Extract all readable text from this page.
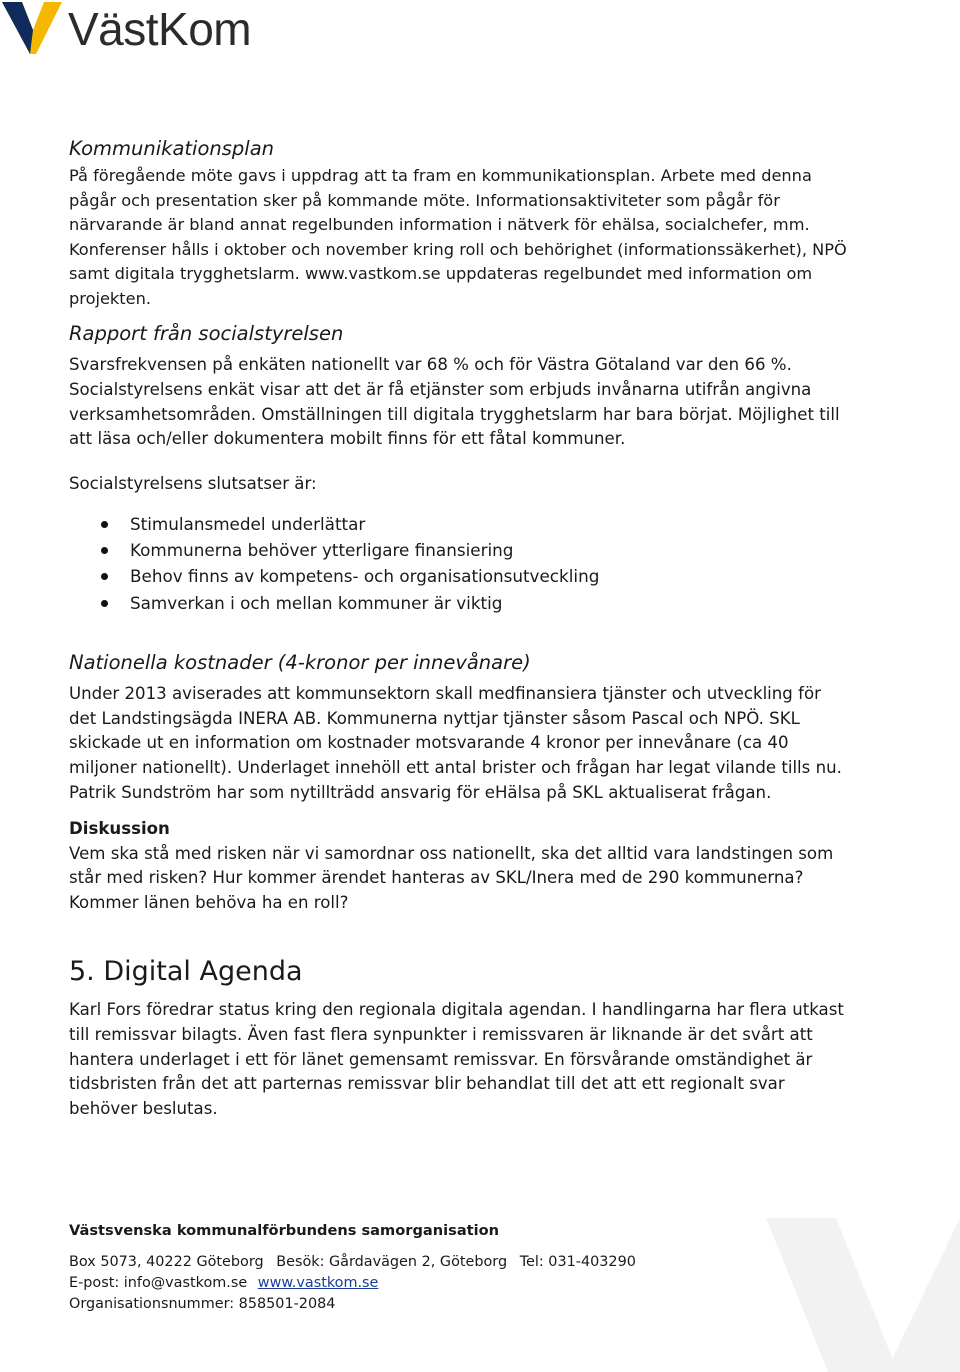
VästKom
Kommunikationsplan

På föregående möte gavs i uppdrag att ta fram en kommunikationsplan. Arbete med denna pågår och presentation sker på kommande möte. Informationsaktiviteter som pågår för närvarande är bland annat regelbunden information i nätverk för ehälsa, socialchefer, mm. Konferenser hålls i oktober och november kring roll och behörighet (informationssäkerhet), NPÖ samt digitala trygghetslarm. www.vastkom.se uppdateras regelbundet med information om projekten.

Rapport från socialstyrelsen

Svarsfrekvensen på enkäten nationellt var 68 % och för Västra Götaland var den 66 %. Socialstyrelsens enkät visar att det är få etjänster som erbjuds invånarna utifrån angivna verksamhetsområden. Omställningen till digitala trygghetslarm har bara börjat. Möjlighet till att läsa och/eller dokumentera mobilt finns för ett fåtal kommuner.

Socialstyrelsens slutsatser är:

Stimulansmedel underlättar
Kommunerna behöver ytterligare finansiering
Behov finns av kompetens- och organisationsutveckling
Samverkan i och mellan kommuner är viktig
Nationella kostnader (4-kronor per innevånare)

Under 2013 aviserades att kommunsektorn skall medfinansiera tjänster och utveckling för det Landstingsägda INERA AB. Kommunerna nyttjar tjänster såsom Pascal och NPÖ. SKL skickade ut en information om kostnader motsvarande 4 kronor per innevånare (ca 40 miljoner nationellt). Underlaget innehöll ett antal brister och frågan har legat vilande tills nu. Patrik Sundström har som nytillträdd ansvarig för eHälsa på SKL aktualiserat frågan.

Diskussion

Vem ska stå med risken när vi samordnar oss nationellt, ska det alltid vara landstingen som står med risken? Hur kommer ärendet hanteras av SKL/Inera med de 290 kommunerna? Kommer länen behöva ha en roll?

5. Digital Agenda

Karl Fors föredrar status kring den regionala digitala agendan. I handlingarna har flera utkast till remissvar bilagts. Även fast flera synpunkter i remissvaren är liknande är det svårt att hantera underlaget i ett för länet gemensamt remissvar. En försvårande omständighet är tidsbristen från det att parternas remissvar blir behandlat till det att ett regionalt svar behöver beslutas.

Västsvenska kommunalförbundens samorganisation
Box 5073, 40222 Göteborg Besök: Gårdavägen 2, Göteborg Tel: 031-403290
E-post: info@vastkom.se www.vastkom.se
Organisationsnummer: 858501-2084
